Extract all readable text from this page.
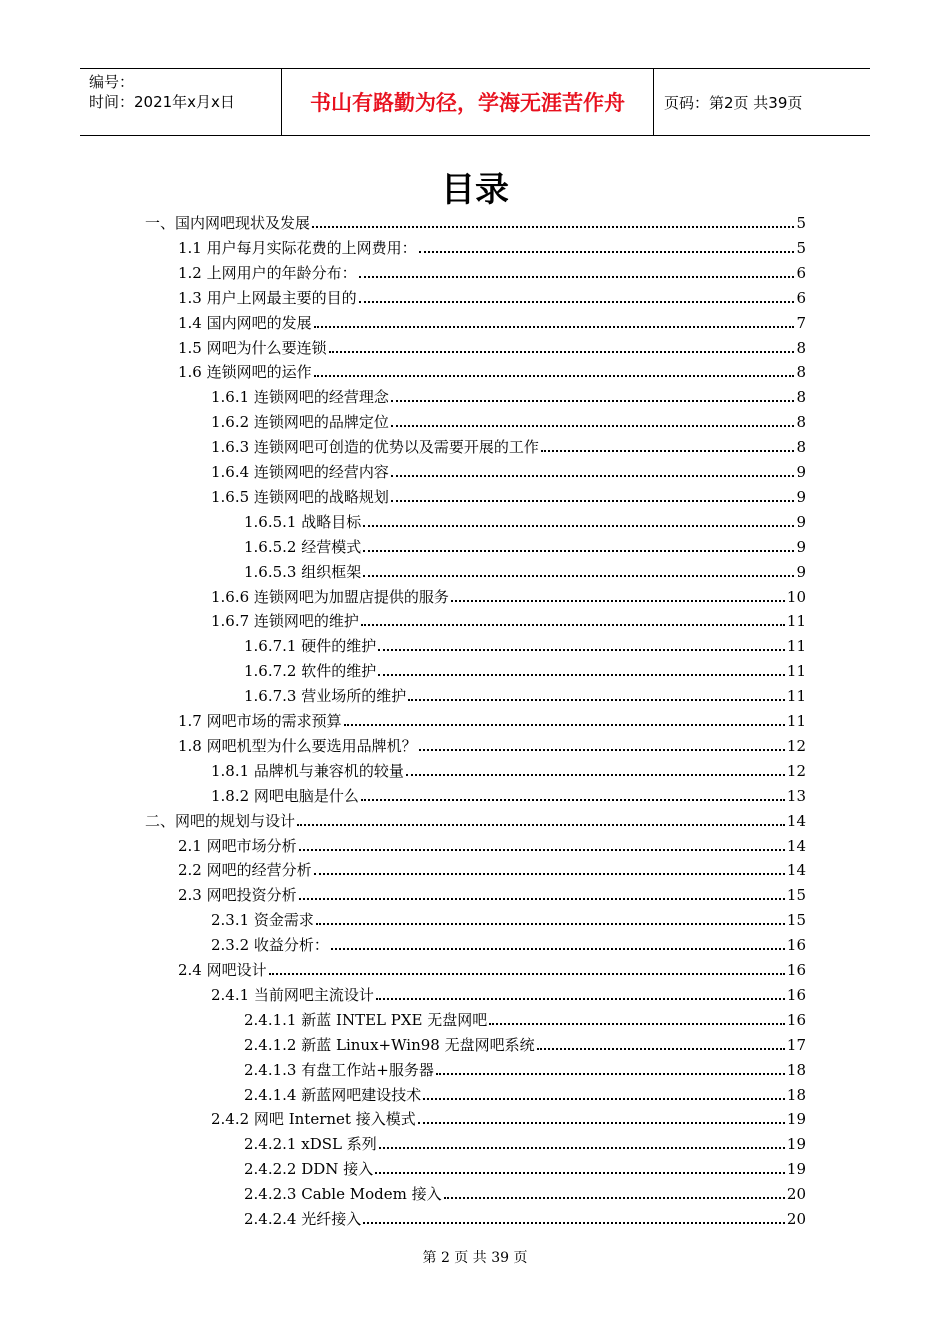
编号：
时间：2021年x月x日	书山有路勤为径，学海无涯苦作舟	页码：第2页 共39页
目录
一、国内网吧现状及发展	5
1.1 用户每月实际花费的上网费用：	5
1.2 上网用户的年龄分布：	6
1.3 用户上网最主要的目的	6
1.4 国内网吧的发展	7
1.5 网吧为什么要连锁	8
1.6 连锁网吧的运作	8
1.6.1 连锁网吧的经营理念	8
1.6.2 连锁网吧的品牌定位	8
1.6.3 连锁网吧可创造的优势以及需要开展的工作	8
1.6.4 连锁网吧的经营内容	9
1.6.5 连锁网吧的战略规划	9
1.6.5.1 战略目标	9
1.6.5.2 经营模式	9
1.6.5.3 组织框架	9
1.6.6 连锁网吧为加盟店提供的服务	10
1.6.7 连锁网吧的维护	11
1.6.7.1 硬件的维护	11
1.6.7.2 软件的维护	11
1.6.7.3 营业场所的维护	11
1.7 网吧市场的需求预算	11
1.8 网吧机型为什么要选用品牌机？	12
1.8.1 品牌机与兼容机的较量	12
1.8.2 网吧电脑是什么	13
二、网吧的规划与设计	14
2.1 网吧市场分析	14
2.2 网吧的经营分析	14
2.3 网吧投资分析	15
2.3.1 资金需求	15
2.3.2 收益分析：	16
2.4 网吧设计	16
2.4.1 当前网吧主流设计	16
2.4.1.1 新蓝 INTEL PXE 无盘网吧	16
2.4.1.2 新蓝 Linux+Win98 无盘网吧系统	17
2.4.1.3 有盘工作站+服务器	18
2.4.1.4 新蓝网吧建设技术	18
2.4.2 网吧 Internet 接入模式	19
2.4.2.1 xDSL 系列	19
2.4.2.2 DDN 接入	19
2.4.2.3 Cable Modem 接入	20
2.4.2.4 光纤接入	20
第 2 页 共 39 页
